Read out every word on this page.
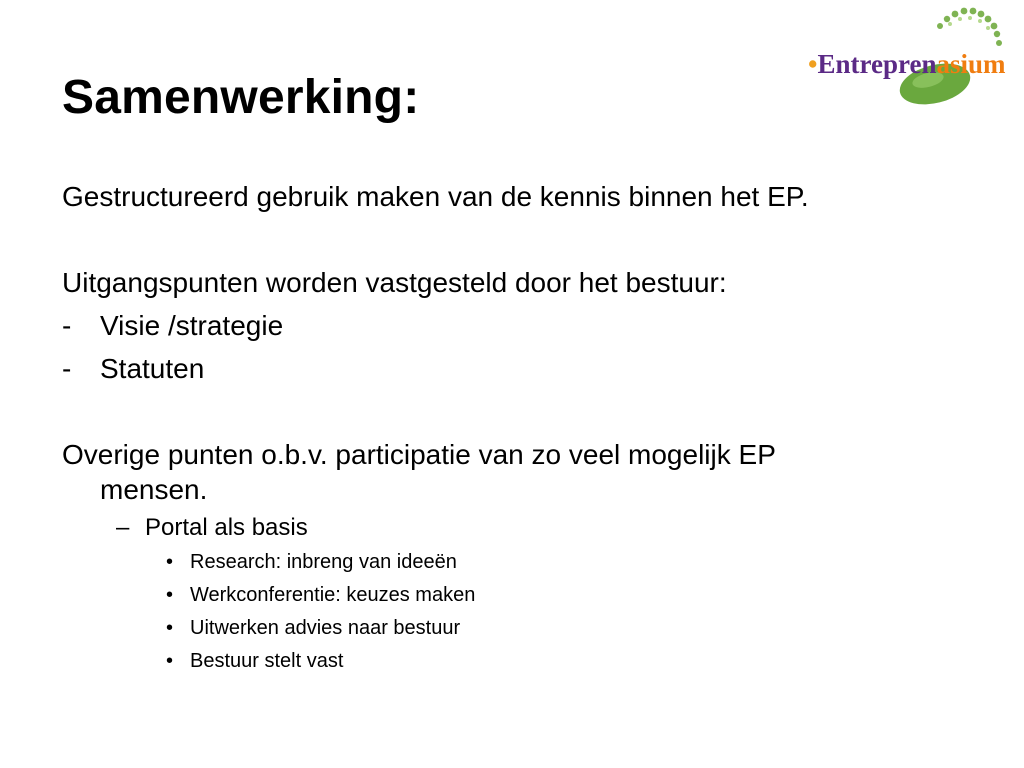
Samenwerking:
•Entreprenasium
Gestructureerd gebruik maken van de kennis binnen het EP.
Uitgangspunten worden vastgesteld door het bestuur:
- Visie /strategie
- Statuten
Overige punten o.b.v. participatie van zo veel mogelijk EP
mensen.
– Portal als basis
• Research: inbreng van ideeën
• Werkconferentie: keuzes maken
• Uitwerken advies naar bestuur
• Bestuur stelt vast
